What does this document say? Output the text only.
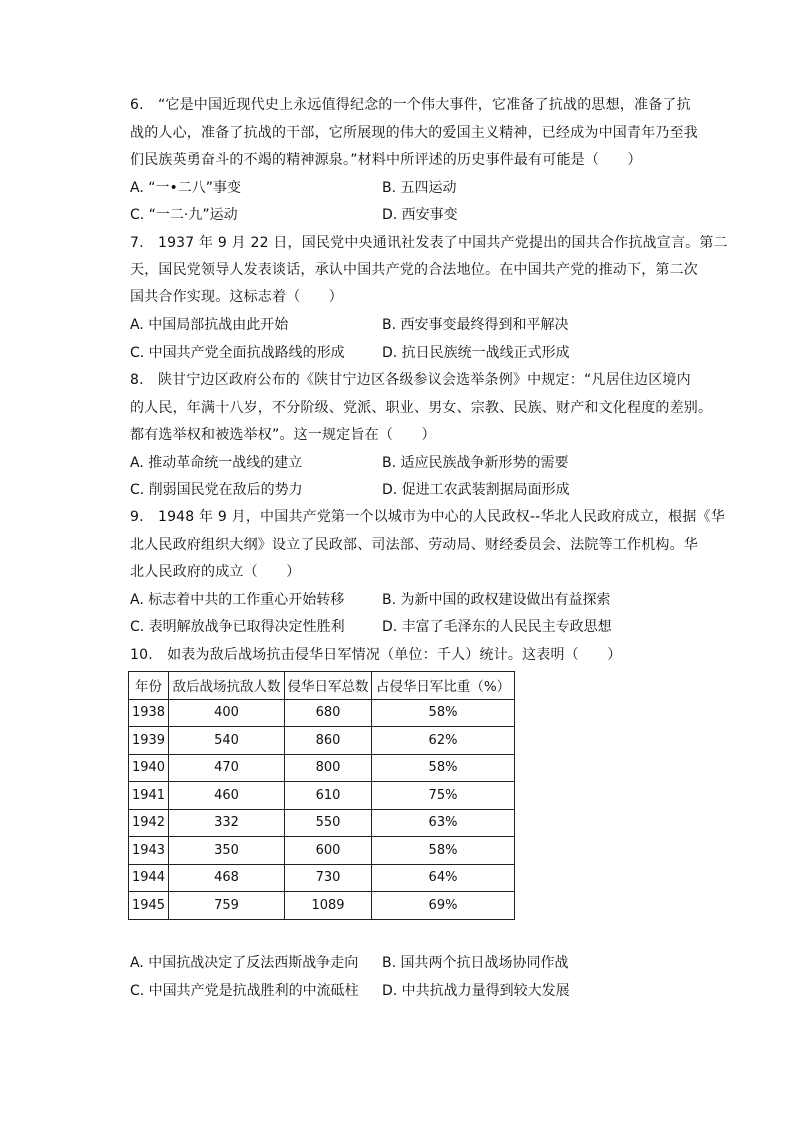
6.　“它是中国近现代史上永远值得纪念的一个伟大事件，它准备了抗战的思想，准备了抗
战的人心，准备了抗战的干部，它所展现的伟大的爱国主义精神，已经成为中国青年乃至我
们民族英勇奋斗的不竭的精神源泉。”材料中所评述的历史事件最有可能是（　　）
A. “一•二八”事变	B. 五四运动
C. “一二·九”运动	D. 西安事变
7.　1937 年 9 月 22 日，国民党中央通讯社发表了中国共产党提出的国共合作抗战宣言。第二
天，国民党领导人发表谈话，承认中国共产党的合法地位。在中国共产党的推动下，第二次
国共合作实现。这标志着（　　）
A. 中国局部抗战由此开始	B. 西安事变最终得到和平解决
C. 中国共产党全面抗战路线的形成	D. 抗日民族统一战线正式形成
8.　陕甘宁边区政府公布的《陕甘宁边区各级参议会选举条例》中规定：“凡居住边区境内
的人民，年满十八岁，不分阶级、党派、职业、男女、宗教、民族、财产和文化程度的差别。
都有选举权和被选举权”。这一规定旨在（　　）
A. 推动革命统一战线的建立	B. 适应民族战争新形势的需要
C. 削弱国民党在敌后的势力	D. 促进工农武装割据局面形成
9.　1948 年 9 月，中国共产党第一个以城市为中心的人民政权--华北人民政府成立，根据《华
北人民政府组织大纲》设立了民政部、司法部、劳动局、财经委员会、法院等工作机构。华
北人民政府的成立（　　）
A. 标志着中共的工作重心开始转移	B. 为新中国的政权建设做出有益探索
C. 表明解放战争已取得决定性胜利	D. 丰富了毛泽东的人民民主专政思想
10.　如表为敌后战场抗击侵华日军情况（单位：千人）统计。这表明（　　）
年份	敌后战场抗敌人数	侵华日军总数	占侵华日军比重（%）
1938	400	680	58%
1939	540	860	62%
1940	470	800	58%
1941	460	610	75%
1942	332	550	63%
1943	350	600	58%
1944	468	730	64%
1945	759	1089	69%
A. 中国抗战决定了反法西斯战争走向 B. 国共两个抗日战场协同作战
C. 中国共产党是抗战胜利的中流砥柱 D. 中共抗战力量得到较大发展
